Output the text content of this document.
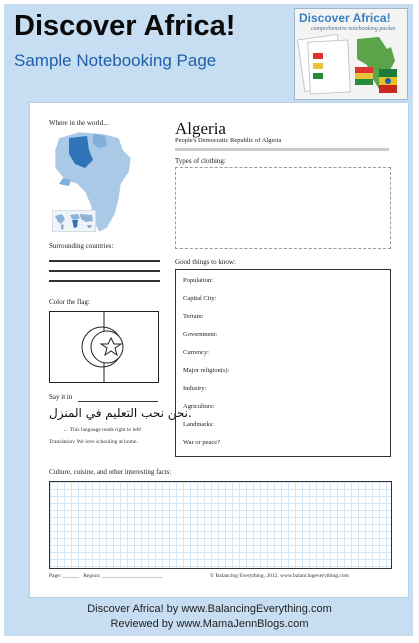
Discover Africa!
Sample Notebooking Page
Discover Africa!
comprehensive notebooking packet
Where in the world...	Algeria
People's Democratic Republic of Algeria
Types of clothing:
Surrounding countries:
Color the flag:
Say it in
نحن نحب التعليم في المنزل.
← This language reads right to left!
Translation: We love schooling at home.
Good things to know:
Population:
Capital City:
Terrain:
Government:
Currency:
Major religion(s):
Industry:
Agriculture:
Landmarks:
War or peace?
Culture, cuisine, and other interesting facts:
Page: ______   Region: ______________________	© Balancing Everything, 2012. www.balancingeverything.com
Discover Africa! by www.BalancingEverything.com
Reviewed by www.MamaJennBlogs.com
